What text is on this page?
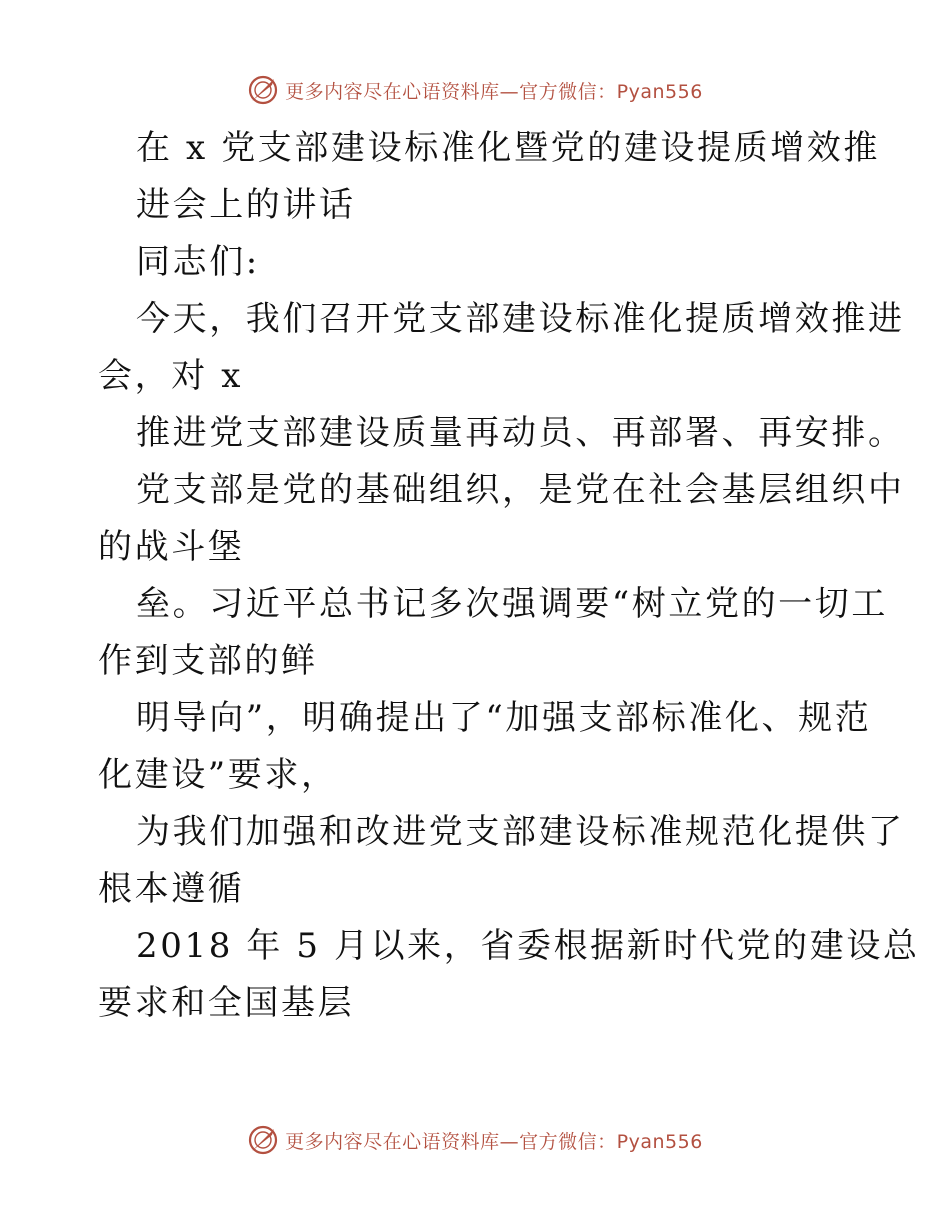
更多内容尽在心语资料库—官方微信：Pyan556
在 x 党支部建设标准化暨党的建设提质增效推
进会上的讲话
同志们:
今天，我们召开党支部建设标准化提质增效推进
会，对 x
推进党支部建设质量再动员、再部署、再安排。
党支部是党的基础组织，是党在社会基层组织中
的战斗堡
垒。习近平总书记多次强调要“树立党的一切工
作到支部的鲜
明导向”，明确提出了“加强支部标准化、规范
化建设”要求，
为我们加强和改进党支部建设标准规范化提供了
根本遵循
2018 年 5 月以来，省委根据新时代党的建设总
要求和全国基层
更多内容尽在心语资料库—官方微信：Pyan556
